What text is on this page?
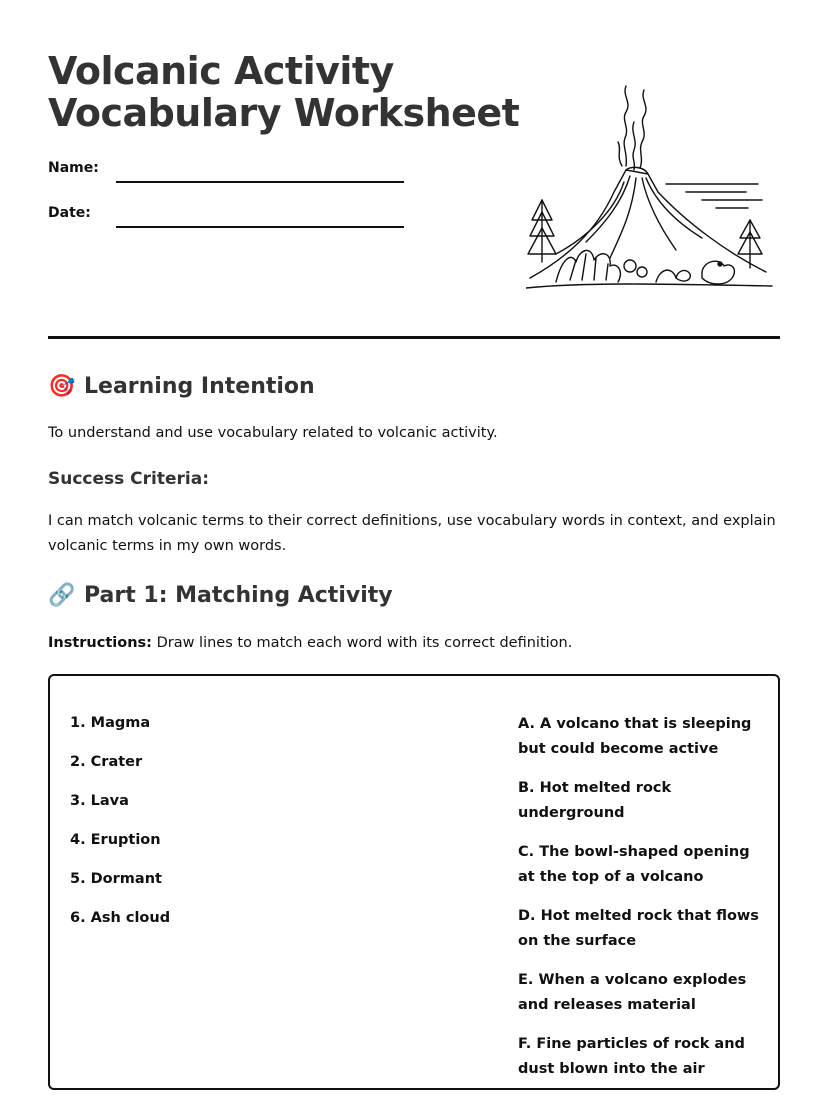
Volcanic Activity
Vocabulary Worksheet
Name:
Date:
🎯 Learning Intention

To understand and use vocabulary related to volcanic activity.

Success Criteria:

I can match volcanic terms to their correct definitions, use vocabulary words in context, and explain volcanic terms in my own words.

🔗 Part 1: Matching Activity

Instructions: Draw lines to match each word with its correct definition.

1. Magma
2. Crater
3. Lava
4. Eruption
5. Dormant
6. Ash cloud
A. A volcano that is sleeping but could become active
B. Hot melted rock underground
C. The bowl-shaped opening at the top of a volcano
D. Hot melted rock that flows on the surface
E. When a volcano explodes and releases material
F. Fine particles of rock and dust blown into the air
